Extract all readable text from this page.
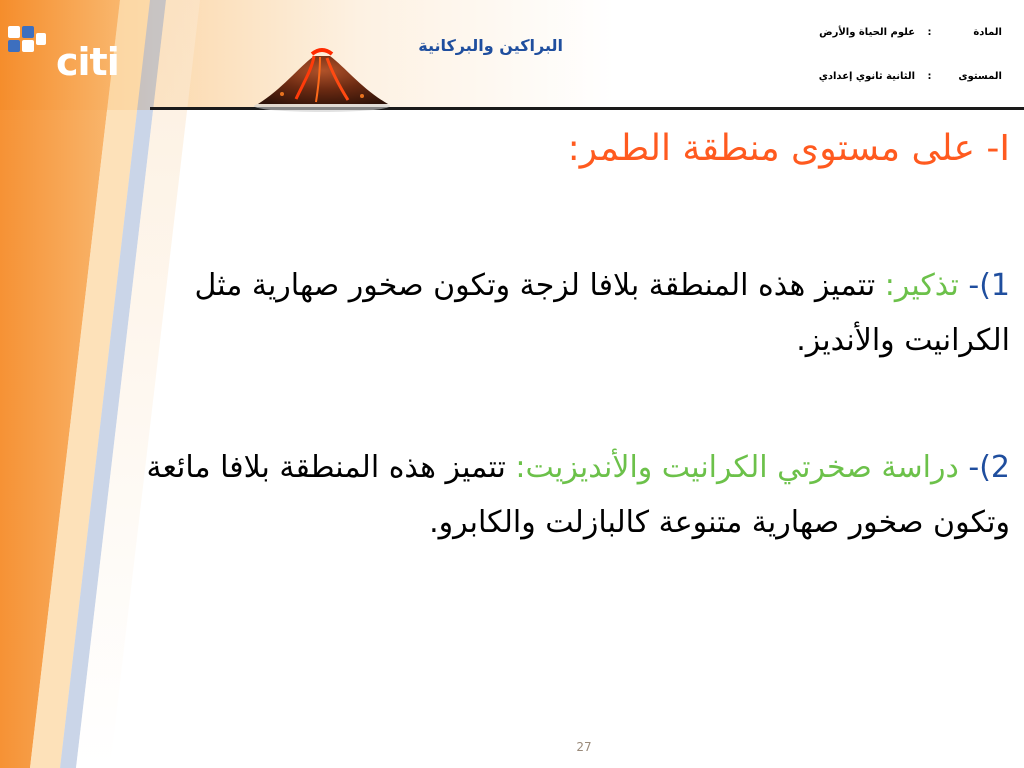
citi	البراكين والبركانية
المادة : علوم الحياة والأرض
المستوى : الثانية ثانوي إعدادي
I- على مستوى منطقة الطمر:
1)- تذكير: تتميز هذه المنطقة بلافا لزجة وتكون صخور صهارية مثل الكرانيت والأنديز.
2)- دراسة صخرتي الكرانيت والأنديزيت: تتميز هذه المنطقة بلافا مائعة وتكون صخور صهارية متنوعة كالبازلت والكابرو.
27
